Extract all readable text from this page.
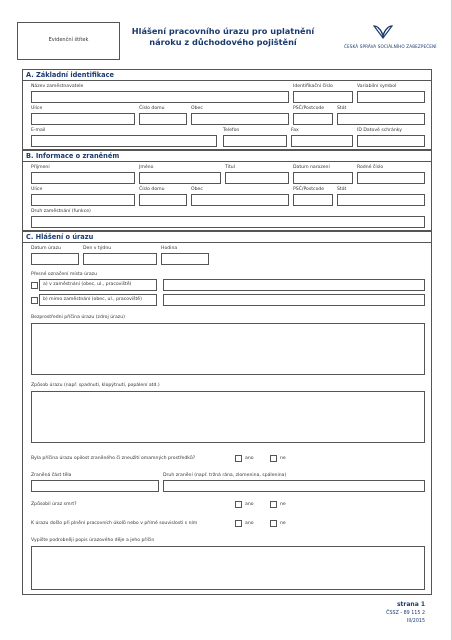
Evidenční štítek
Hlášení pracovního úrazu pro uplatnění
nároku z důchodového pojištění	ČESKÁ SPRÁVA SOCIÁLNÍHO ZABEZPEČENÍ
A. Základní identifikace
Název zaměstnavatele	Identifikační číslo	Variabilní symbol
Ulice	Číslo domu	Obec	PSČ/Postcode	Stát
E-mail	Telefon	Fax	ID Datové schránky
B. Informace o zraněném
Příjmení	Jméno	Titul	Datum narození	Rodné číslo
Ulice	Číslo domu	Obec	PSČ/Postcode	Stát
Druh zaměstnání (funkce)
C. Hlášení o úrazu
Datum úrazu	Den v týdnu	Hodina
Přesné označení místa úrazu
a) v zaměstnání (obec, ul., pracoviště)
b) mimo zaměstnání (obec, ul., pracoviště)
Bezprostřední příčina úrazu (zdroj úrazu)
Způsob úrazu (např. spadnutí, klopýtnutí, popálení atd.)
Byla příčina úrazu opilost zraněného či zneužití omamných prostředků?	ano	ne
Zraněná část těla	Druh zranění (např. tržná rána, zlomenina, spálenina)
Způsobil úraz smrt?	ano	ne
K úrazu došlo při plnění pracovních úkolů nebo v přímé souvislosti s ním	ano	ne
Vypište podrobněji popis úrazového děje a jeho příčin
strana 1
ČSSZ - 89 115 2
III/2015
